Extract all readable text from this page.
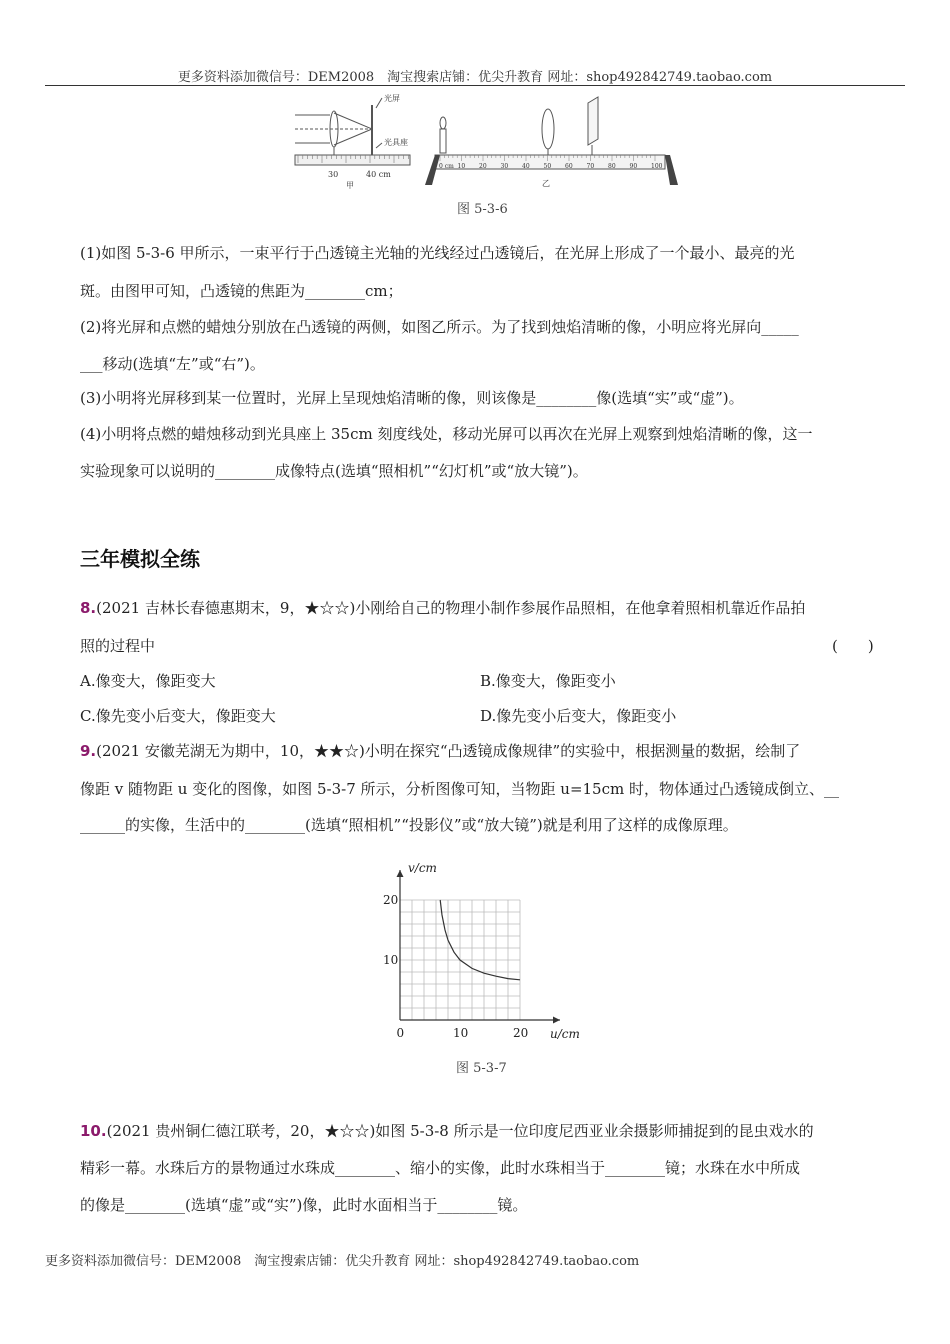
更多资料添加微信号：DEM2008　淘宝搜索店铺：优尖升教育 网址：shop492842749.taobao.com
光屏
光具座
30	40 cm
甲
0 cm 10 20 30 40 50 60 70 80 90 100
乙
图 5-3-6
(1)如图 5-3-6 甲所示，一束平行于凸透镜主光轴的光线经过凸透镜后，在光屏上形成了一个最小、最亮的光
斑。由图甲可知，凸透镜的焦距为________cm；
(2)将光屏和点燃的蜡烛分别放在凸透镜的两侧，如图乙所示。为了找到烛焰清晰的像，小明应将光屏向_____
___移动(选填“左”或“右”)。
(3)小明将光屏移到某一位置时，光屏上呈现烛焰清晰的像，则该像是________像(选填“实”或“虚”)。
(4)小明将点燃的蜡烛移动到光具座上 35cm 刻度线处，移动光屏可以再次在光屏上观察到烛焰清晰的像，这一
实验现象可以说明的________成像特点(选填“照相机”“幻灯机”或“放大镜”)。
三年模拟全练
8.(2021 吉林长春德惠期末，9，★☆☆)小刚给自己的物理小制作参展作品照相，在他拿着照相机靠近作品拍
照的过程中	(　　)
A.像变大，像距变大	B.像变大，像距变小
C.像先变小后变大，像距变大	D.像先变小后变大，像距变小
9.(2021 安徽芜湖无为期中，10，★★☆)小明在探究“凸透镜成像规律”的实验中，根据测量的数据，绘制了
像距 v 随物距 u 变化的图像，如图 5-3-7 所示，分析图像可知，当物距 u=15cm 时，物体通过凸透镜成倒立、__
______的实像，生活中的________(选填“照相机”“投影仪”或“放大镜”)就是利用了这样的成像原理。
0	10	20
10
20
u/cm
v/cm
图 5-3-7
10.(2021 贵州铜仁德江联考，20，★☆☆)如图 5-3-8 所示是一位印度尼西亚业余摄影师捕捉到的昆虫戏水的
精彩一幕。水珠后方的景物通过水珠成________、缩小的实像，此时水珠相当于________镜；水珠在水中所成
的像是________(选填“虚”或“实”)像，此时水面相当于________镜。
更多资料添加微信号：DEM2008　淘宝搜索店铺：优尖升教育 网址：shop492842749.taobao.com
